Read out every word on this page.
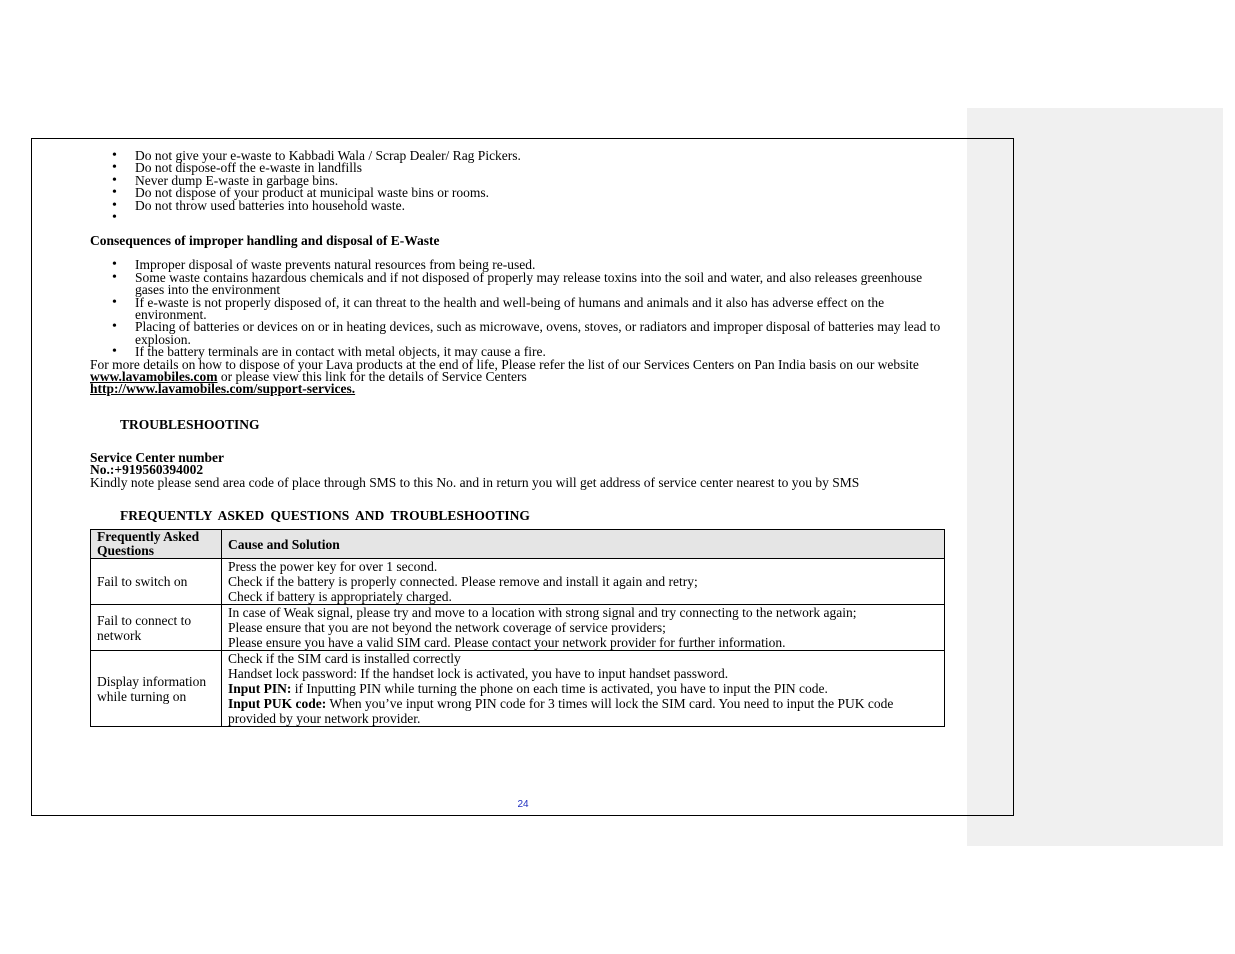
• Do not give your e-waste to Kabbadi Wala / Scrap Dealer/ Rag Pickers.
• Do not dispose-off the e-waste in landfills
• Never dump E-waste in garbage bins.
• Do not dispose of your product at municipal waste bins or rooms.
• Do not throw used batteries into household waste.
•
Consequences of improper handling and disposal of E-Waste
• Improper disposal of waste prevents natural resources from being re-used.
• Some waste contains hazardous chemicals and if not disposed of properly may release toxins into the soil and water, and also releases greenhouse gases into the environment
• If e-waste is not properly disposed of, it can threat to the health and well-being of humans and animals and it also has adverse effect on the environment.
• Placing of batteries or devices on or in heating devices, such as microwave, ovens, stoves, or radiators and improper disposal of batteries may lead to explosion.
• If the battery terminals are in contact with metal objects, it may cause a fire.
For more details on how to dispose of your Lava products at the end of life, Please refer the list of our Services Centers on Pan India basis on our website www.lavamobiles.com or please view this link for the details of Service Centers
http://www.lavamobiles.com/support-services.
TROUBLESHOOTING
Service Center number
No.:+919560394002
Kindly note please send area code of place through SMS to this No. and in return you will get address of service center nearest to you by SMS
FREQUENTLY ASKED QUESTIONS AND TROUBLESHOOTING
Frequently Asked Questions	Cause and Solution
Fail to switch on	Press the power key for over 1 second.
Check if the battery is properly connected. Please remove and install it again and retry;
Check if battery is appropriately charged.

Fail to connect to network	In case of Weak signal, please try and move to a location with strong signal and try connecting to the network again;
Please ensure that you are not beyond the network coverage of service providers;
Please ensure you have a valid SIM card. Please contact your network provider for further information.

Display information while turning on	Check if the SIM card is installed correctly
Handset lock password: If the handset lock is activated, you have to input handset password.
Input PIN: if Inputting PIN while turning the phone on each time is activated, you have to input the PIN code.
Input PUK code: When you’ve input wrong PIN code for 3 times will lock the SIM card. You need to input the PUK code provided by your network provider.
24
